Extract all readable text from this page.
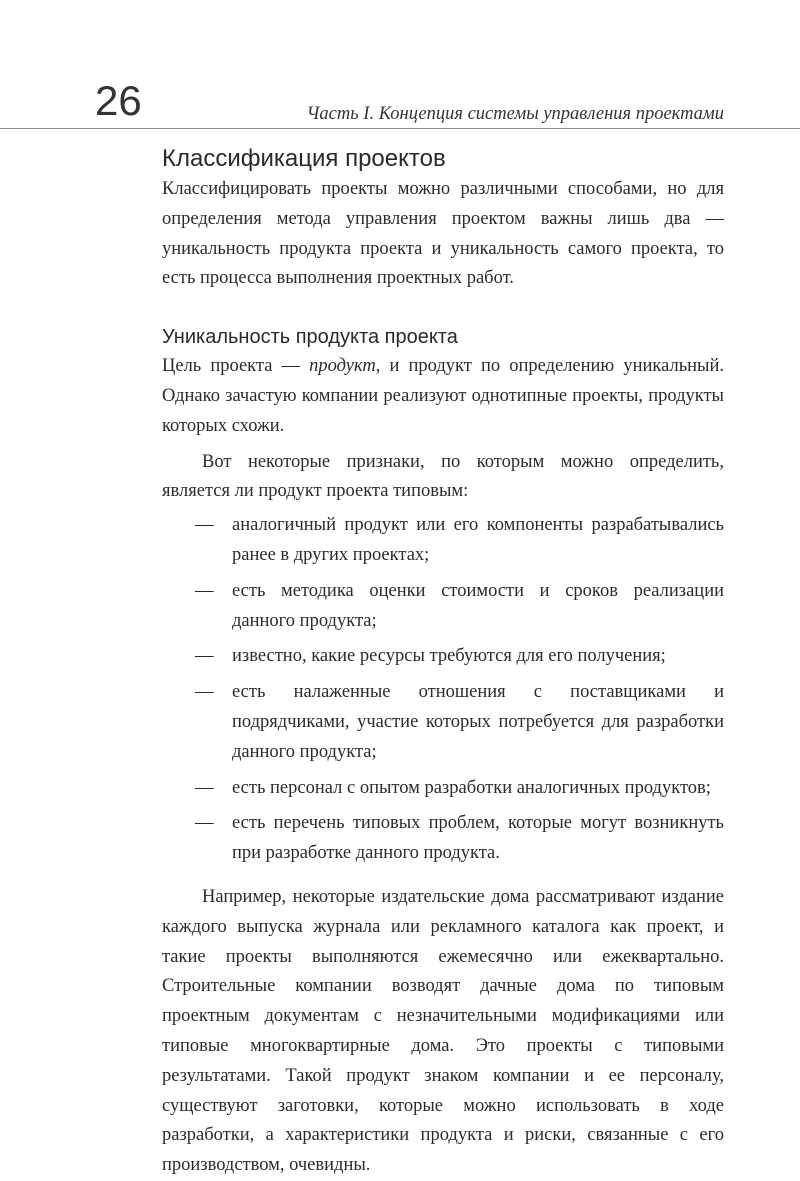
26	Часть I. Концепция системы управления проектами
Классификация проектов

Классифицировать проекты можно различными способами, но для определения метода управления проектом важны лишь два — уникальность продукта проекта и уникальность самого проекта, то есть процесса выполнения проектных работ.

Уникальность продукта проекта

Цель проекта — продукт, и продукт по определению уникальный. Однако зачастую компании реализуют однотипные проекты, продукты которых схожи.

Вот некоторые признаки, по которым можно определить, является ли продукт проекта типовым:

— аналогичный продукт или его компоненты разрабатывались ранее в других проектах;
— есть методика оценки стоимости и сроков реализации данного продукта;
— известно, какие ресурсы требуются для его получения;
— есть налаженные отношения с поставщиками и подрядчиками, участие которых потребуется для разработки данного продукта;
— есть персонал с опытом разработки аналогичных продуктов;
— есть перечень типовых проблем, которые могут возникнуть при разработке данного продукта.

Например, некоторые издательские дома рассматривают издание каждого выпуска журнала или рекламного каталога как проект, и такие проекты выполняются ежемесячно или ежеквартально. Строительные компании возводят дачные дома по типовым проектным документам с незначительными модификациями или типовые многоквартирные дома. Это проекты с типовыми результатами. Такой продукт знаком компании и ее персоналу, существуют заготовки, которые можно использовать в ходе разработки, а характеристики продукта и риски, связанные с его производством, очевидны.
